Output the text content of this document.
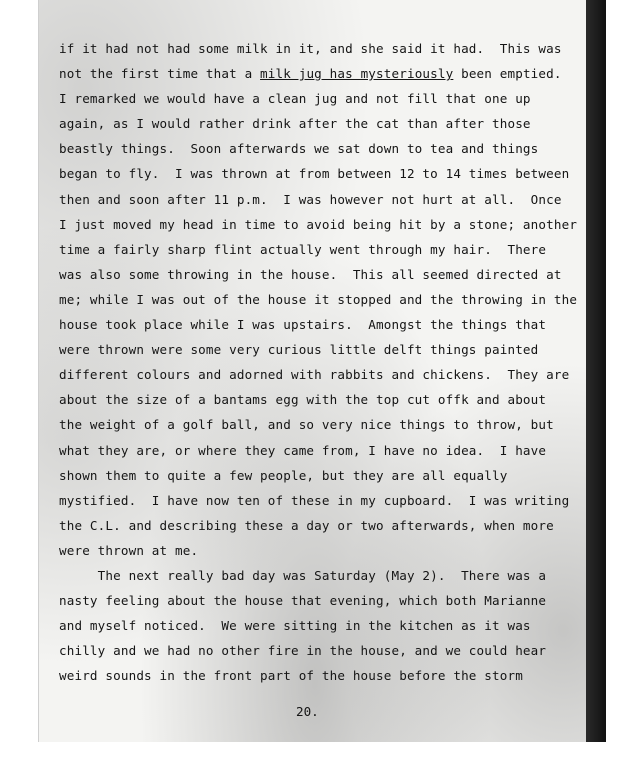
if it had not had some milk in it, and she said it had.  This was
not the first time that a milk jug has mysteriously been emptied.
I remarked we would have a clean jug and not fill that one up
again, as I would rather drink after the cat than after those
beastly things.  Soon afterwards we sat down to tea and things
began to fly.  I was thrown at from between 12 to 14 times between
then and soon after 11 p.m.  I was however not hurt at all.  Once
I just moved my head in time to avoid being hit by a stone; another
time a fairly sharp flint actually went through my hair.  There
was also some throwing in the house.  This all seemed directed at
me; while I was out of the house it stopped and the throwing in the
house took place while I was upstairs.  Amongst the things that
were thrown were some very curious little delft things painted
different colours and adorned with rabbits and chickens.  They are
about the size of a bantams egg with the top cut offk and about
the weight of a golf ball, and so very nice things to throw, but
what they are, or where they came from, I have no idea.  I have
shown them to quite a few people, but they are all equally
mystified.  I have now ten of these in my cupboard.  I was writing
the C.L. and describing these a day or two afterwards, when more
were thrown at me.
The next really bad day was Saturday (May 2).  There was a
nasty feeling about the house that evening, which both Marianne
and myself noticed.  We were sitting in the kitchen as it was
chilly and we had no other fire in the house, and we could hear
weird sounds in the front part of the house before the storm
20.
